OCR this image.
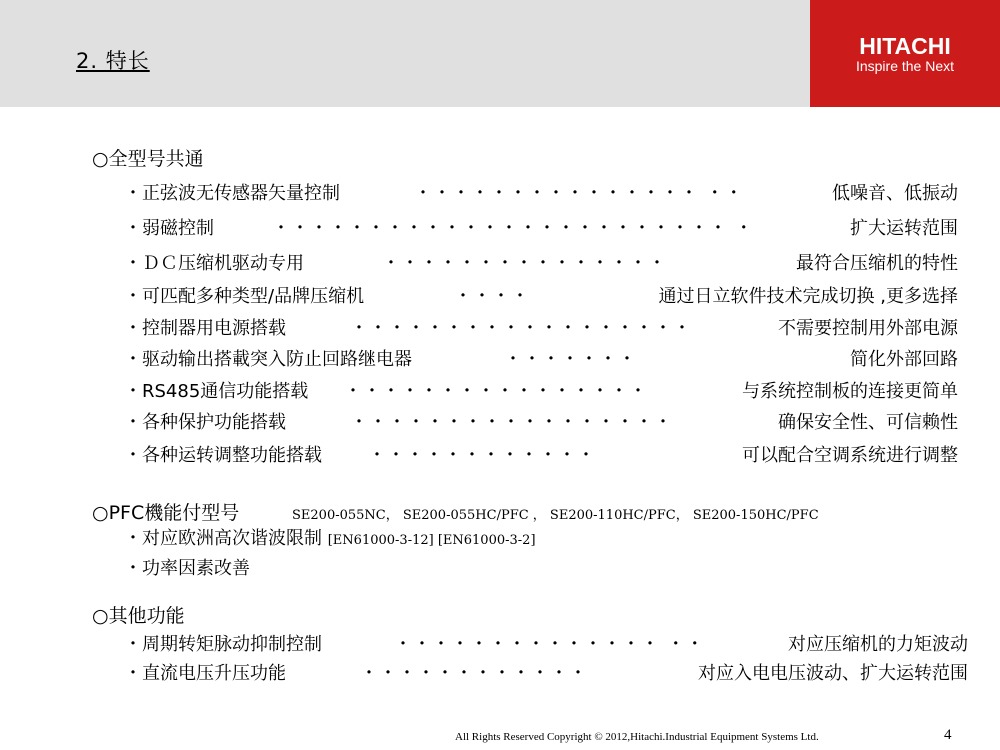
2. 特长
HITACHI
Inspire the Next
○全型号共通
・正弦波无传感器矢量控制	・・・・・・・・・・・・・・・ ・・	低噪音、低振动
・弱磁控制	・・・・・・・・・・・・・・・・・・・・・・・・ ・	扩大运转范围
・ＤＣ压缩机驱动专用	・・・・・・・・・・・・・・・	最符合压缩机的特性
・可匹配多种类型/品牌压缩机	・・・・	通过日立软件技术完成切换 ,更多选择
・控制器用电源搭载	・・・・・・・・・・・・・・・・・・	不需要控制用外部电源
・驱动输出搭載突入防止回路继电器	・・・・・・・	简化外部回路
・RS485通信功能搭载 ・・・・・・・・・・・・・・・・	与系统控制板的连接更简单
・各种保护功能搭载	・・・・・・・・・・・・・・・・・	确保安全性、可信赖性
・各种运转调整功能搭载	・・・・・・・・・・・・	可以配合空调系统进行调整
○PFC機能付型号	SE200-055NC， SE200-055HC/PFC ， SE200-110HC/PFC， SE200-150HC/PFC
・对应欧洲高次谐波限制 [EN61000-3-12] [EN61000-3-2]
・功率因素改善
○其他功能
・周期转矩脉动抑制控制	・・・・・・・・・・・・・・ ・・	对应压缩机的力矩波动
・直流电压升压功能	・・・・・・・・・・・・	对应入电电压波动、扩大运转范围
All Rights Reserved Copyright © 2012,Hitachi.Industrial Equipment Systems Ltd.	4
